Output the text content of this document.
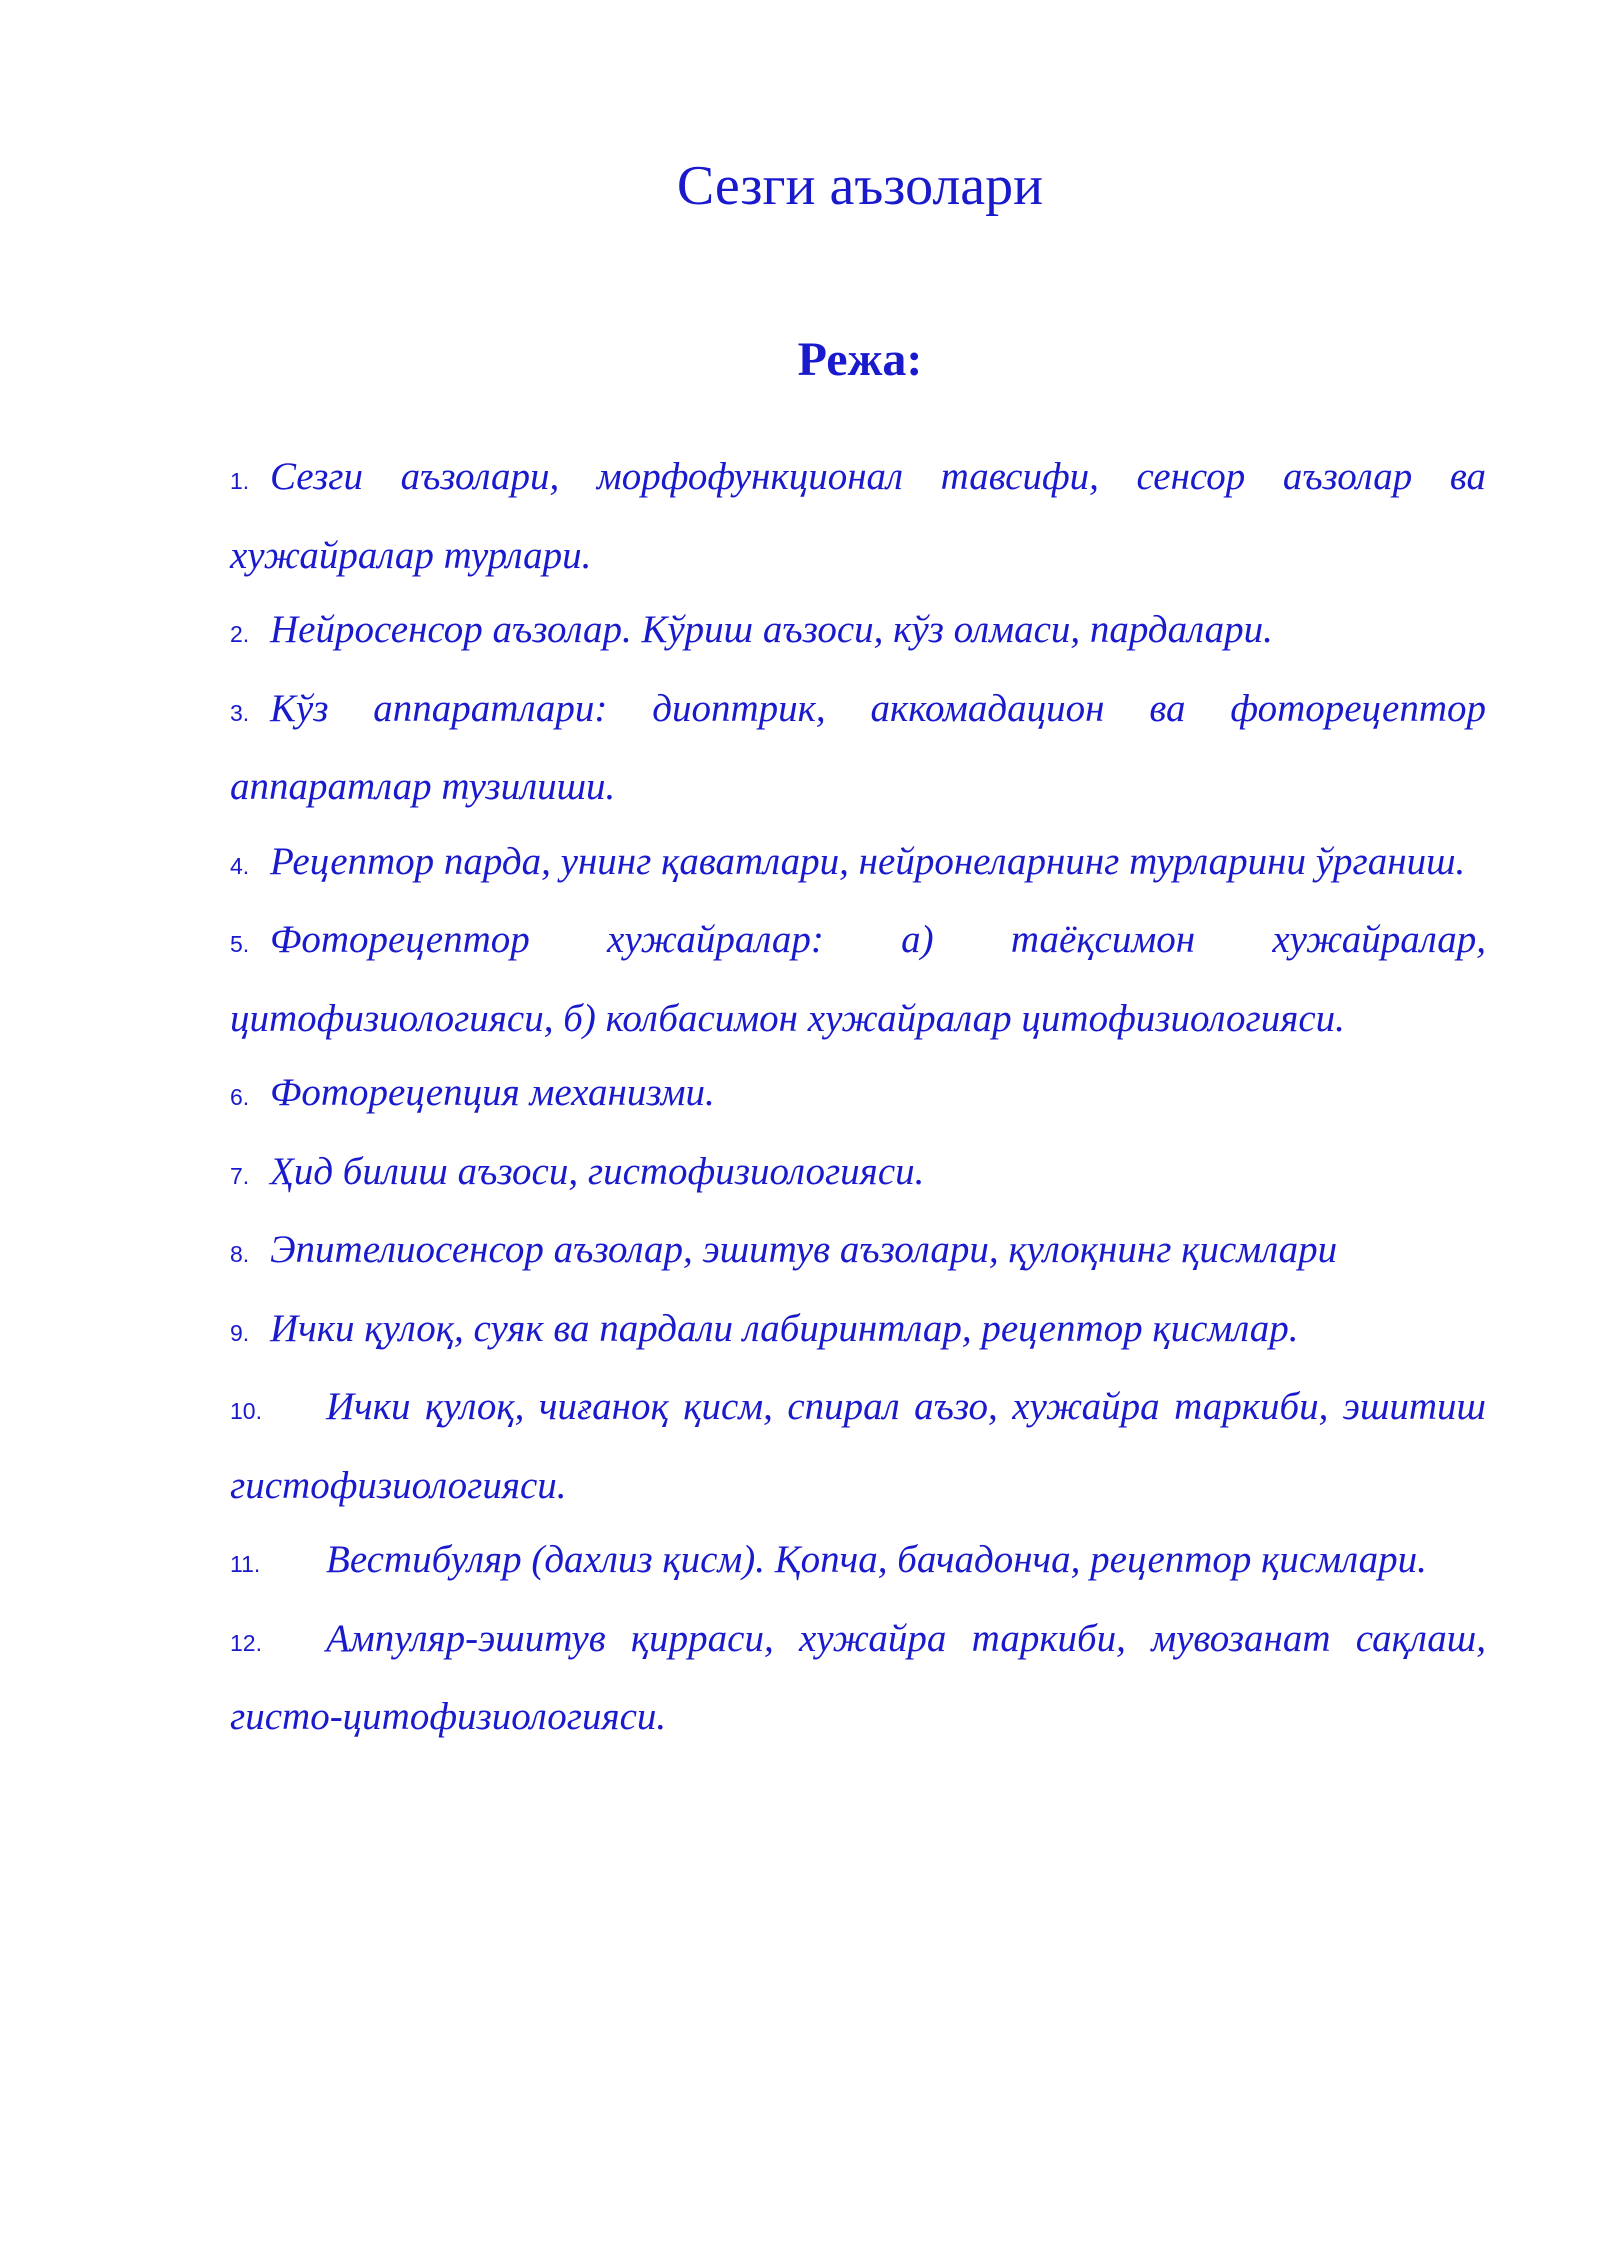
Сезги аъзолари
Режа:
1. Сезги аъзолари, морфофункционал тавсифи, сенсор аъзолар ва хужайралар турлари.
2. Нейросенсор аъзолар. Кўриш аъзоси, кўз олмаси, пардалари.
3. Кўз аппаратлари: диоптрик, аккомадацион ва фоторецептор аппаратлар тузилиши.
4. Рецептор парда, унинг қаватлари, нейронеларнинг турларини ўрганиш.
5. Фоторецептор хужайралар: а) таёқсимон хужайралар, цитофизиологияси, б) колбасимон хужайралар цитофизиологияси.
6. Фоторецепция механизми.
7. Ҳид билиш аъзоси, гистофизиологияси.
8. Эпителиосенсор аъзолар, эшитув аъзолари, қулоқнинг қисмлари
9. Ички қулоқ, суяк ва пардали лабиринтлар, рецептор қисмлар.
10. Ички қулоқ, чиғаноқ қисм, спирал аъзо, хужайра таркиби, эшитиш гистофизиологияси.
11. Вестибуляр (дахлиз қисм). Қопча, бачадонча, рецептор қисмлари.
12. Ампуляр-эшитув қирраси, хужайра таркиби, мувозанат сақлаш, гисто-цитофизиологияси.
